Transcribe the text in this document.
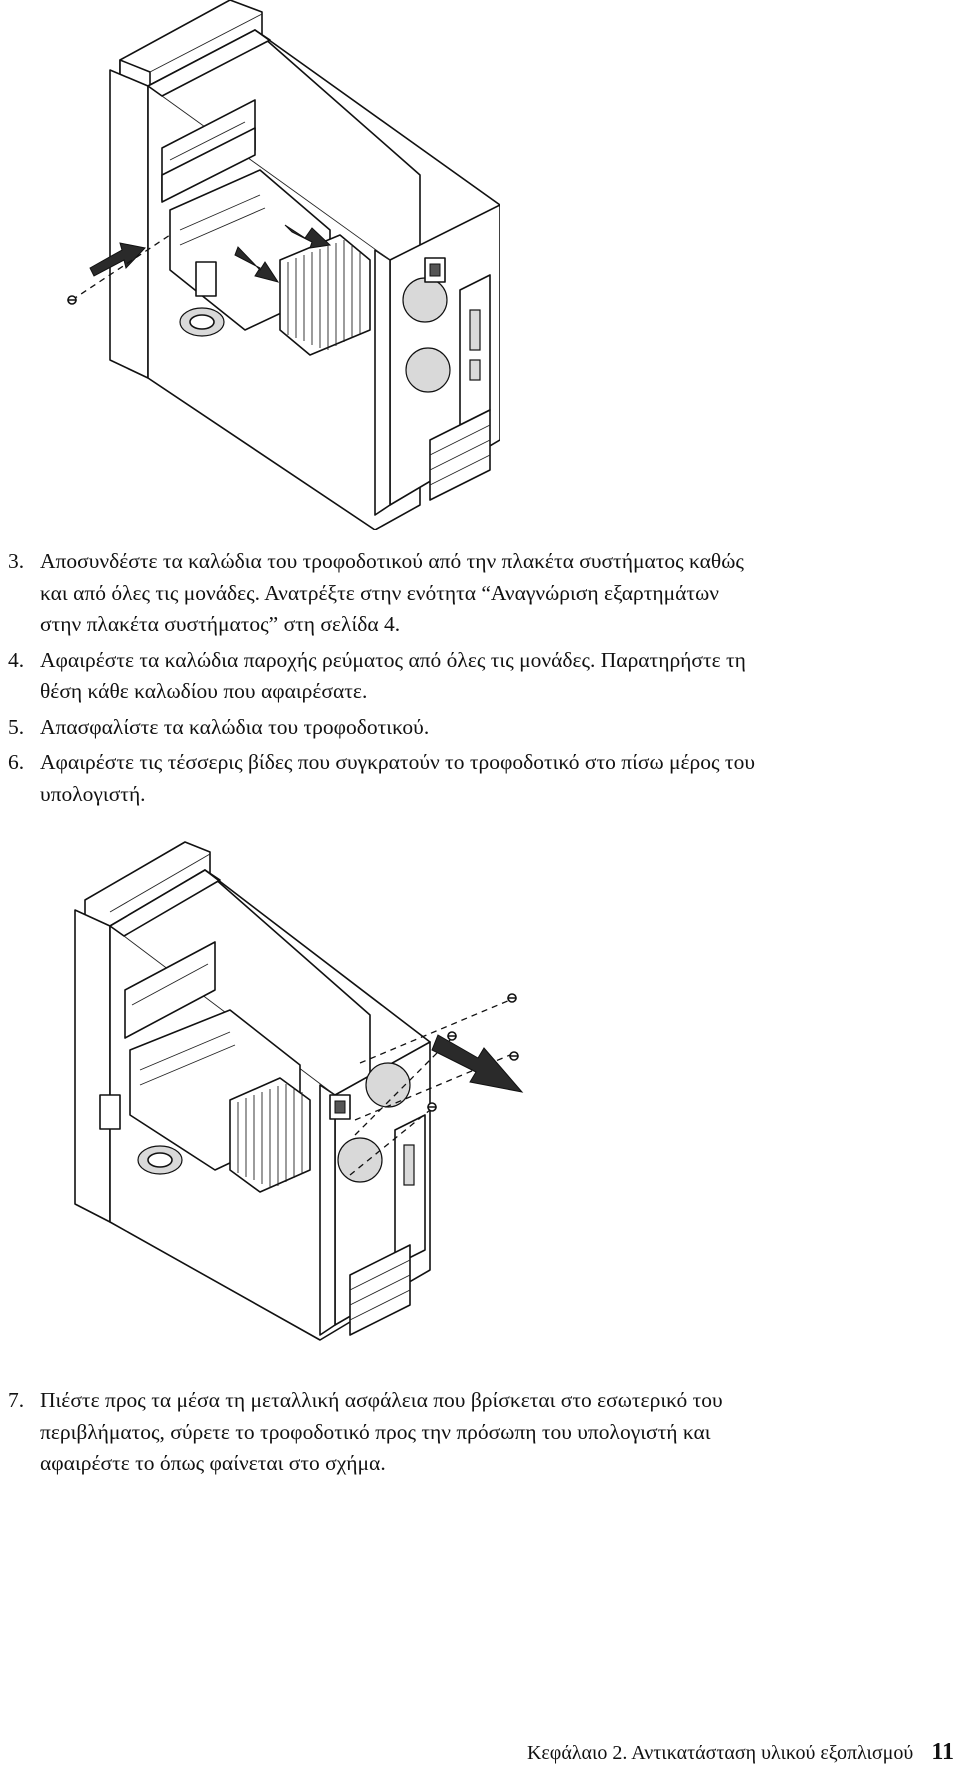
3. Αποσυνδέστε τα καλώδια του τροφοδοτικού από την πλακέτα συστήματος καθώς
και από όλες τις μονάδες. Ανατρέξτε στην ενότητα “Αναγνώριση εξαρτημάτων
στην πλακέτα συστήματος” στη σελίδα 4.
4. Αφαιρέστε τα καλώδια παροχής ρεύματος από όλες τις μονάδες. Παρατηρήστε τη
θέση κάθε καλωδίου που αφαιρέσατε.
5. Απασφαλίστε τα καλώδια του τροφοδοτικού.
6. Αφαιρέστε τις τέσσερις βίδες που συγκρατούν το τροφοδοτικό στο πίσω μέρος του
υπολογιστή.
7. Πιέστε προς τα μέσα τη μεταλλική ασφάλεια που βρίσκεται στο εσωτερικό του
περιβλήματος, σύρετε το τροφοδοτικό προς την πρόσωπη του υπολογιστή και
αφαιρέστε το όπως φαίνεται στο σχήμα.
Κεφάλαιο 2. Αντικατάσταση υλικού εξοπλισμού 11
